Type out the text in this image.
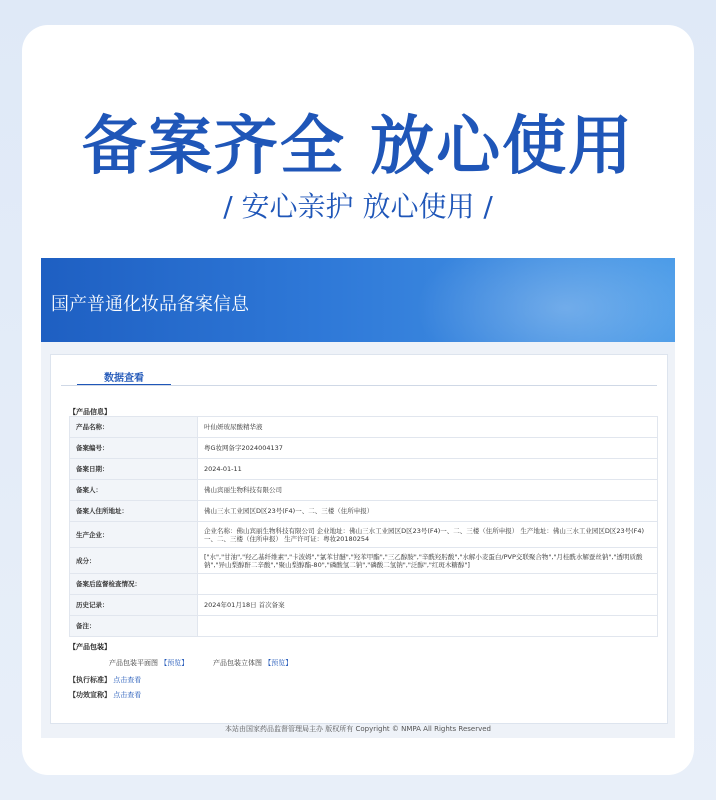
备案齐全 放心使用
/ 安心亲护 放心使用 /
国产普通化妆品备案信息
数据查看
【产品信息】
产品名称：	叶仙妍玻尿酸精华液
备案编号：	粤G妆网备字2024004137
备案日期：	2024-01-11
备案人：	佛山宾丽生物科技有限公司
备案人住所地址：	佛山三水工业园区D区23号(F4)一、二、三楼（住所申报）
生产企业：	企业名称：佛山宾丽生物科技有限公司 企业地址：佛山三水工业园区D区23号(F4)一、二、三楼（住所申报） 生产地址：佛山三水工业园区D区23号(F4)一、二、三楼（住所申报） 生产许可证：粤妆20180254
成分：	["水","甘油","羟乙基纤维素","卡波姆","氯苯甘醚","羟苯甲酯","三乙醇胺","辛酰羟肟酸","水解小麦蛋白/PVP交联聚合物","月桂酰水解蚕丝钠","透明质酸钠","异山梨醇酐二辛酸","聚山梨醇酯-80","磷酸氢二钠","磷酸二氢钠","泛醇","红斑木糖醇"]
备案后监督检查情况：	
历史记录：	2024年01月18日 首次备案
备注：	
【产品包装】
产品包装平面图 【预览】	产品包装立体图 【预览】
【执行标准】 点击查看
【功效宣称】 点击查看
本站由国家药品监督管理局主办 版权所有 Copyright © NMPA All Rights Reserved
